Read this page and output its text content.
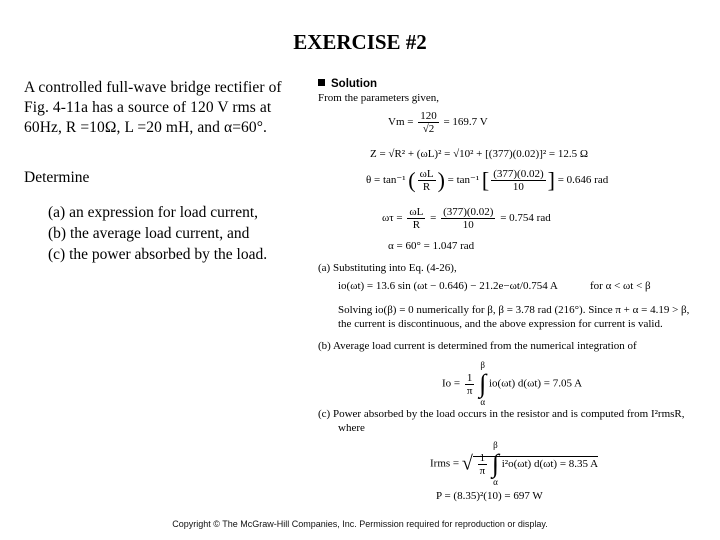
EXERCISE #2

A controlled full-wave bridge rectifier of

Fig. 4-11a has a source of 120 V rms at

60Hz, R =10Ω, L =20 mH, and α=60°.

Determine

(a) an expression for load current,
(b) the average load current, and
(c) the power absorbed by the load.
Solution
From the parameters given,
$Vm = \frac{120}{√2} = 169.7$ V
Z = √R² + (ωL)² = √10² + [(377)(0.02)]² = 12.5 Ω
θ = tan⁻¹ ( $\frac{\omega L}{R}$ ) = tan⁻¹ [ $\frac{(377)(0.02)}{10}$ ] = 0.646 rad
$\omega\tau = \frac{\omega L}{R} = \frac{(377)(0.02)}{10} = 0.754$ rad
α = 60° = 1.047 rad
(a) Substituting into Eq. (4-26),
io(ωt) = 13.6 sin (ωt − 0.646) − 21.2e−ωt/0.754 A	for α < ωt < β
Solving io(β) = 0 numerically for β, β = 3.78 rad (216°). Since π + α = 4.19 > β,
the current is discontinuous, and the above expression for current is valid.
(b) Average load current is determined from the numerical integration of
$Io = \frac{1}{\pi}$

β
∫
α
io(ωt) d(ωt) = 7.05 A
(c) Power absorbed by the load occurs in the resistor and is computed from I²rmsR,
where
Irms = √ $\frac{1}{\pi}$

β
∫
α
i²o(ωt) d(ωt) = 8.35 A
P = (8.35)²(10) = 697 W
Copyright © The McGraw-Hill Companies, Inc. Permission required for reproduction or display.
